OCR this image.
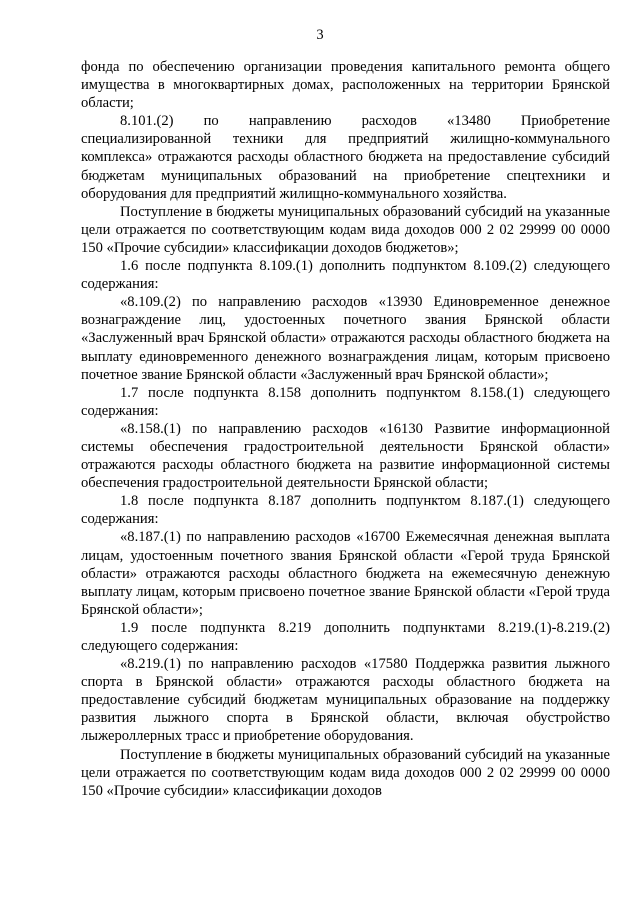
3

фонда по обеспечению организации проведения капитального ремонта общего имущества в многоквартирных домах, расположенных на территории Брянской области;

8.101.(2) по направлению расходов «13480 Приобретение специализированной техники для предприятий жилищно-коммунального комплекса» отражаются расходы областного бюджета на предоставление субсидий бюджетам муниципальных образований на приобретение спецтехники и оборудования для предприятий жилищно-коммунального хозяйства.

Поступление в бюджеты муниципальных образований субсидий на указанные цели отражается по соответствующим кодам вида доходов 000 2 02 29999 00 0000 150 «Прочие субсидии» классификации доходов бюджетов»;

1.6 после подпункта 8.109.(1) дополнить подпунктом 8.109.(2) следующего содержания:

«8.109.(2) по направлению расходов «13930 Единовременное денежное вознаграждение лиц, удостоенных почетного звания Брянской области «Заслуженный врач Брянской области» отражаются расходы областного бюджета на выплату единовременного денежного вознаграждения лицам, которым присвоено почетное звание Брянской области «Заслуженный врач Брянской области»;

1.7 после подпункта 8.158 дополнить подпунктом 8.158.(1) следующего содержания:

«8.158.(1) по направлению расходов «16130 Развитие информационной системы обеспечения градостроительной деятельности Брянской области» отражаются расходы областного бюджета на развитие информационной системы обеспечения градостроительной деятельности Брянской области;

1.8 после подпункта 8.187 дополнить подпунктом 8.187.(1) следующего содержания:

«8.187.(1) по направлению расходов «16700 Ежемесячная денежная выплата лицам, удостоенным почетного звания Брянской области «Герой труда Брянской области» отражаются расходы областного бюджета на ежемесячную денежную выплату лицам, которым присвоено почетное звание Брянской области «Герой труда Брянской области»;

1.9 после подпункта 8.219 дополнить подпунктами 8.219.(1)-8.219.(2) следующего содержания:

«8.219.(1) по направлению расходов «17580 Поддержка развития лыжного спорта в Брянской области» отражаются расходы областного бюджета на предоставление субсидий бюджетам муниципальных образование на поддержку развития лыжного спорта в Брянской области, включая обустройство лыжероллерных трасс и приобретение оборудования.

Поступление в бюджеты муниципальных образований субсидий на указанные цели отражается по соответствующим кодам вида доходов 000 2 02 29999 00 0000 150 «Прочие субсидии» классификации доходов
